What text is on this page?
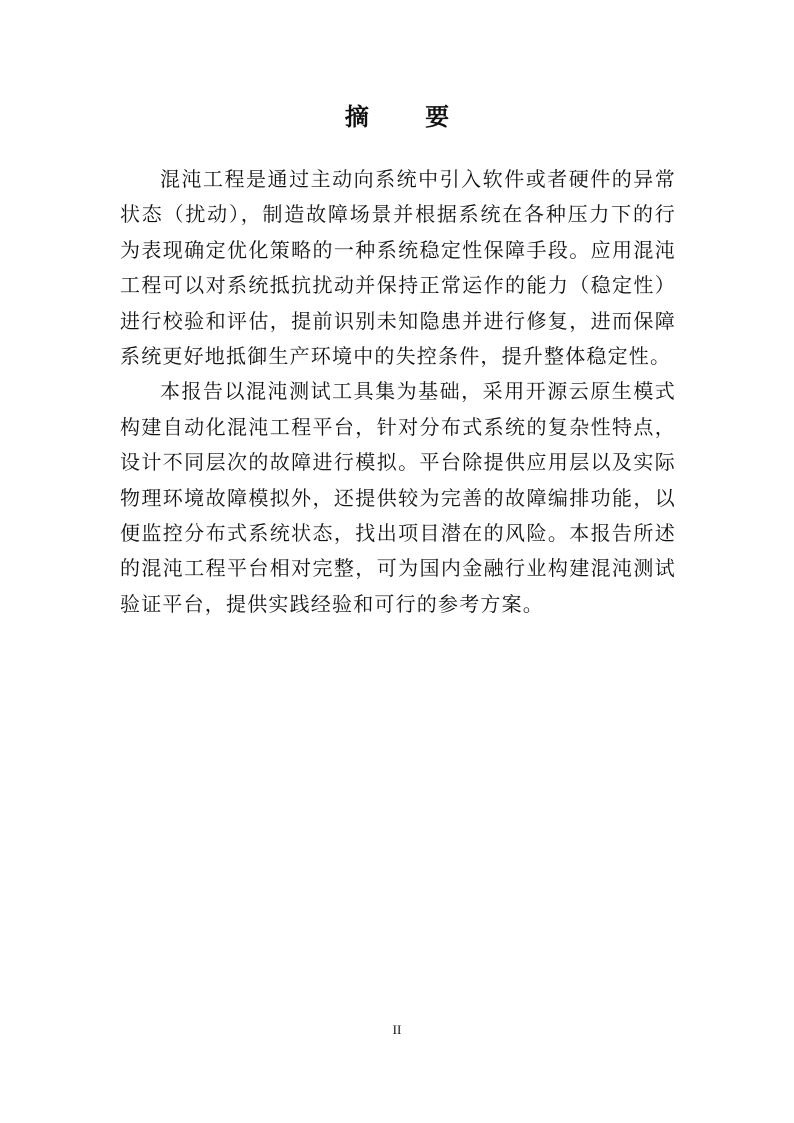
摘 要

混沌工程是通过主动向系统中引入软件或者硬件的异常状态（扰动），制造故障场景并根据系统在各种压力下的行为表现确定优化策略的一种系统稳定性保障手段。应用混沌工程可以对系统抵抗扰动并保持正常运作的能力（稳定性）进行校验和评估，提前识别未知隐患并进行修复，进而保障系统更好地抵御生产环境中的失控条件，提升整体稳定性。

本报告以混沌测试工具集为基础，采用开源云原生模式构建自动化混沌工程平台，针对分布式系统的复杂性特点，设计不同层次的故障进行模拟。平台除提供应用层以及实际物理环境故障模拟外，还提供较为完善的故障编排功能，以便监控分布式系统状态，找出项目潜在的风险。本报告所述的混沌工程平台相对完整，可为国内金融行业构建混沌测试验证平台，提供实践经验和可行的参考方案。

II
